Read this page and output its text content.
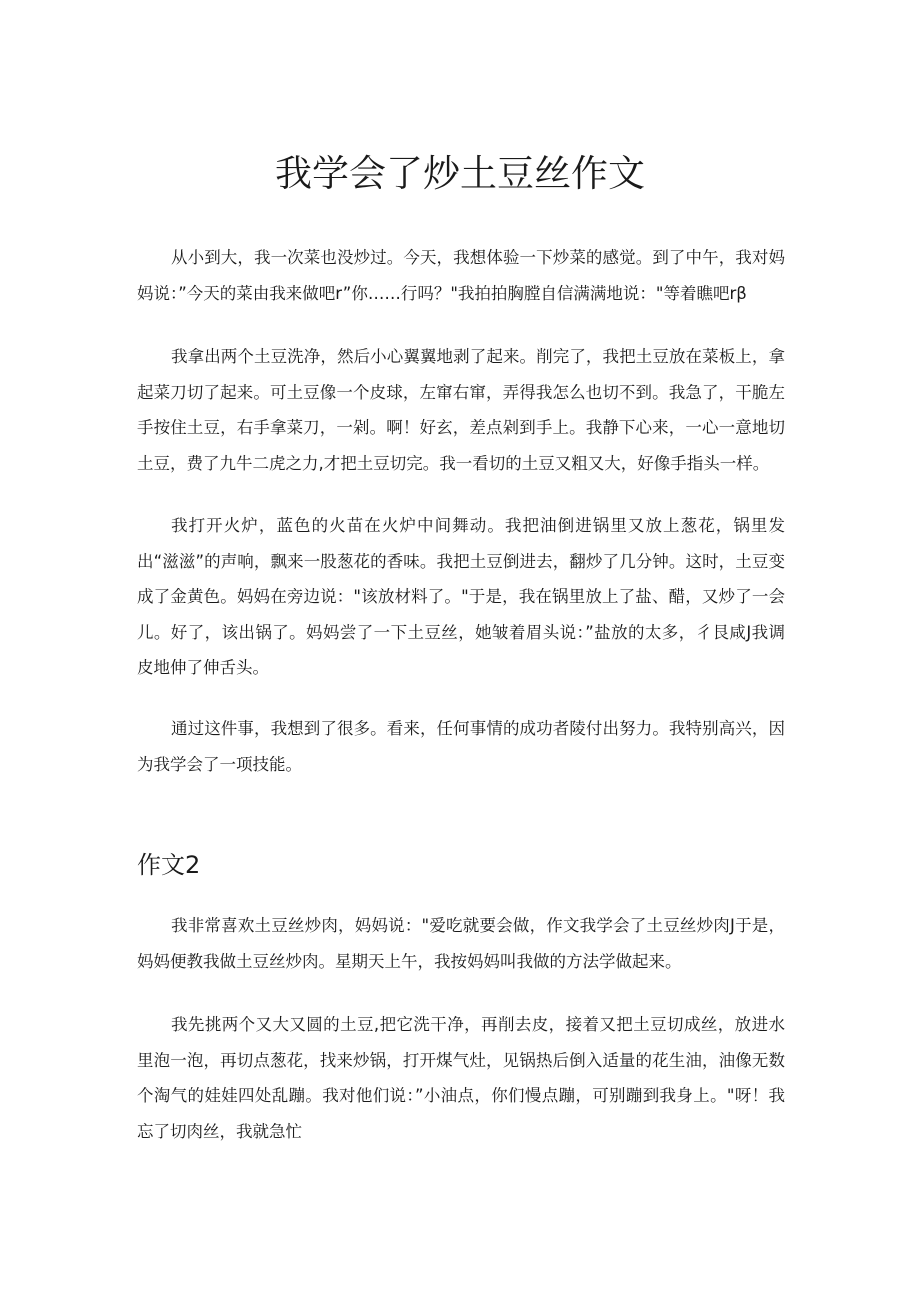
我学会了炒土豆丝作文

从小到大，我一次菜也没炒过。今天，我想体验一下炒菜的感觉。到了中午，我对妈妈说：”今天的菜由我来做吧r”你……行吗？"我拍拍胸膛自信满满地说："等着瞧吧rβ

我拿出两个土豆洗净，然后小心翼翼地剥了起来。削完了，我把土豆放在菜板上，拿起菜刀切了起来。可土豆像一个皮球，左窜右窜，弄得我怎么也切不到。我急了，干脆左手按住土豆，右手拿菜刀，一剁。啊！好玄，差点剁到手上。我静下心来，一心一意地切土豆，费了九牛二虎之力,才把土豆切完。我一看切的土豆又粗又大，好像手指头一样。

我打开火炉，蓝色的火苗在火炉中间舞动。我把油倒进锅里又放上葱花，锅里发出“滋滋”的声响，飘来一股葱花的香味。我把土豆倒进去，翻炒了几分钟。这时，土豆变成了金黄色。妈妈在旁边说："该放材料了。"于是，我在锅里放上了盐、醋，又炒了一会儿。好了，该出锅了。妈妈尝了一下土豆丝，她皱着眉头说：”盐放的太多，彳艮咸J我调皮地伸了伸舌头。

通过这件事，我想到了很多。看来，任何事情的成功者陵付出努力。我特别高兴，因为我学会了一项技能。

作文2

我非常喜欢土豆丝炒肉，妈妈说："爱吃就要会做，作文我学会了土豆丝炒肉J于是，妈妈便教我做土豆丝炒肉。星期天上午，我按妈妈叫我做的方法学做起来。

我先挑两个又大又圆的土豆,把它洗干净，再削去皮，接着又把土豆切成丝，放进水里泡一泡，再切点葱花，找来炒锅，打开煤气灶，见锅热后倒入适量的花生油，油像无数个淘气的娃娃四处乱蹦。我对他们说：”小油点，你们慢点蹦，可别蹦到我身上。"呀！我忘了切肉丝，我就急忙
